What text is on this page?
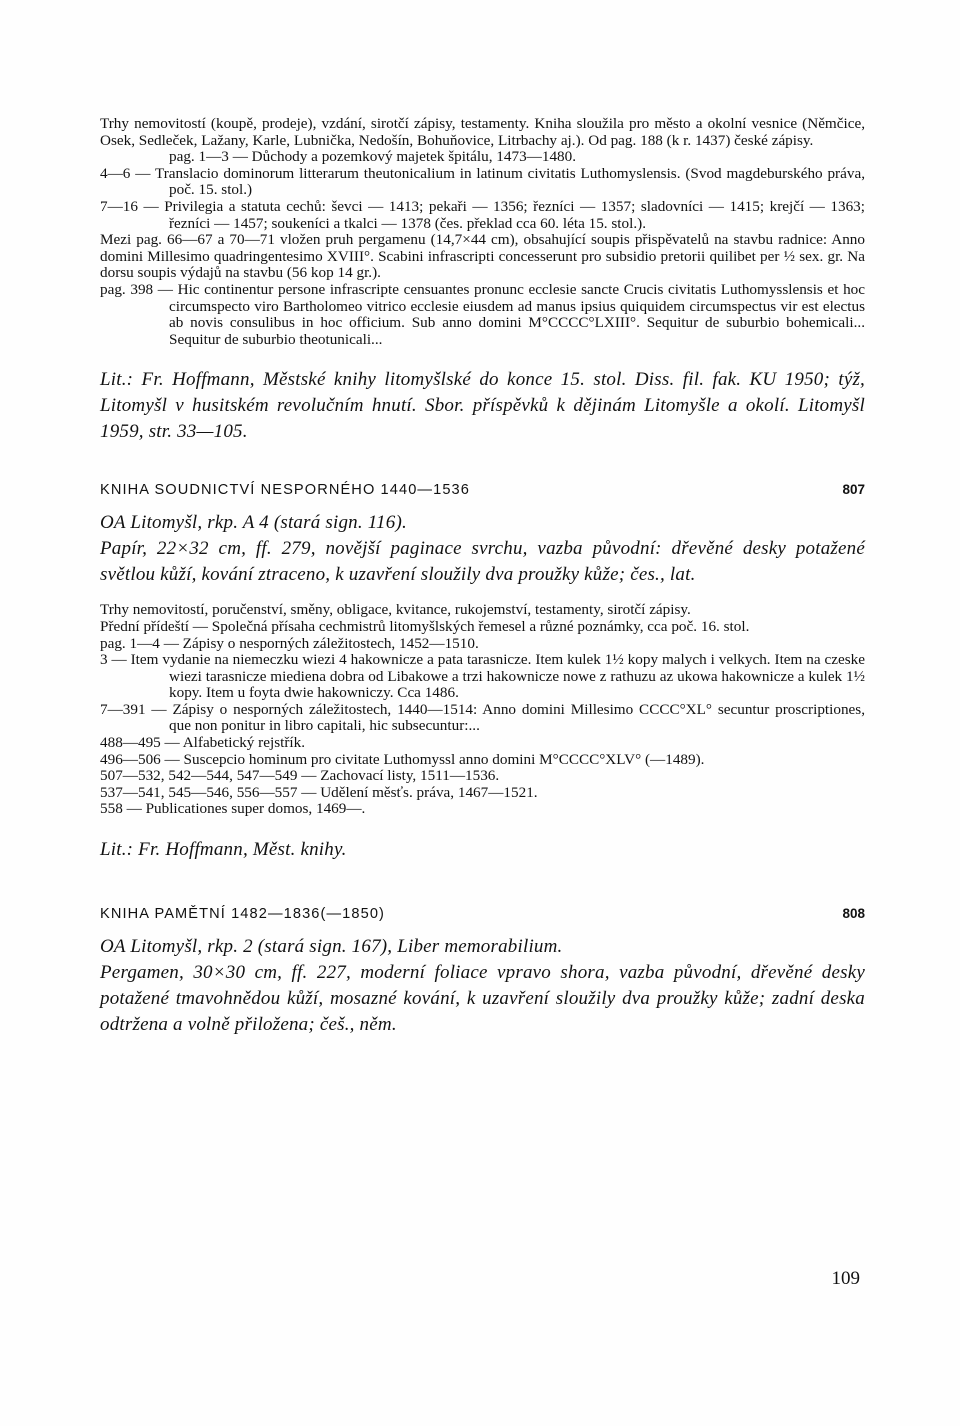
Trhy nemovitostí (koupě, prodeje), vzdání, sirotčí zápisy, testamenty. Kniha sloužila pro město a okolní vesnice (Němčice, Osek, Sedleček, Lažany, Karle, Lubnička, Nedošín, Bohuňovice, Litrbachy aj.). Od pag. 188 (k r. 1437) české zápisy.

pag. 1—3 — Důchody a pozemkový majetek špitálu, 1473—1480.

4—6 — Translacio dominorum litterarum theutonicalium in latinum civitatis Luthomyslensis. (Svod magdeburského práva, poč. 15. stol.)

7—16 — Privilegia a statuta cechů: ševci — 1413; pekaři — 1356; řezníci — 1357; sladovníci — 1415; krejčí — 1363; řezníci — 1457; soukeníci a tkalci — 1378 (čes. překlad cca 60. léta 15. stol.).

Mezi pag. 66—67 a 70—71 vložen pruh pergamenu (14,7×44 cm), obsahující soupis přispěvatelů na stavbu radnice: Anno domini Millesimo quadringentesimo XVIII°. Scabini infrascripti concesserunt pro subsidio pretorii quilibet per ½ sex. gr. Na dorsu soupis výdajů na stavbu (56 kop 14 gr.).

pag. 398 — Hic continentur persone infrascripte censuantes pronunc ecclesie sancte Crucis civitatis Luthomysslensis et hoc circumspecto viro Bartholomeo vitrico ecclesie eiusdem ad manus ipsius quiquidem circumspectus vir est electus ab novis consulibus in hoc officium. Sub anno domini M°CCCC°LXIII°. Sequitur de suburbio bohemicali... Sequitur de suburbio theotunicali...

Lit.: Fr. Hoffmann, Městské knihy litomyšlské do konce 15. stol. Diss. fil. fak. KU 1950; týž, Litomyšl v husitském revolučním hnutí. Sbor. příspěvků k dějinám Litomyšle a okolí. Litomyšl 1959, str. 33—105.

KNIHA SOUDNICTVÍ NESPORNÉHO 1440—1536	807

OA Litomyšl, rkp. A 4 (stará sign. 116).

Papír, 22×32 cm, ff. 279, novější paginace svrchu, vazba původní: dřevěné desky potažené světlou kůží, kování ztraceno, k uzavření sloužily dva proužky kůže; čeѕ., lat.

Trhy nemovitostí, poručenství, směny, obligace, kvitance, rukojemství, testamenty, sirotčí zápisy.

Přední přídeští — Společná přísaha cechmistrů litomyšlských řemesel a různé poznámky, cca poč. 16. stol.

pag. 1—4 — Zápisy o nesporných záležitostech, 1452—1510.

3 — Item vydanie na niemeczku wiezi 4 hakownicze a pata tarasnicze. Item kulek 1½ kopy malych i velkych. Item na czeske wiezi tarasnicze miediena dobra od Libakowe a trzi hakownicze nowe z rathuzu az ukowa hakownicze a kulek 1½ kopy. Item u foyta dwie hakowniczy. Cca 1486.

7—391 — Zápisy o nesporných záležitostech, 1440—1514: Anno domini Millesimo CCCC°XL° secuntur proscriptiones, que non ponitur in libro capitali, hic subsecuntur:...

488—495 — Alfabetický rejstřík.

496—506 — Suscepcio hominum pro civitate Luthomyssl anno domini M°CCCC°XLV° (—1489).

507—532, 542—544, 547—549 — Zachovací listy, 1511—1536.

537—541, 545—546, 556—557 — Udělení měsťs. práva, 1467—1521.

558 — Publicationes super domos, 1469—.

Lit.: Fr. Hoffmann, Měst. knihy.

KNIHA PAMĚTNÍ 1482—1836(—1850)	808

OA Litomyšl, rkp. 2 (stará sign. 167), Liber memorabilium.

Pergamen, 30×30 cm, ff. 227, moderní foliace vpravo shora, vazba původní, dřevěné desky potažené tmavohnědou kůží, mosazné kování, k uzavření sloužily dva proužky kůže; zadní deska odtržena a volně přiložena; češ., něm.

109
